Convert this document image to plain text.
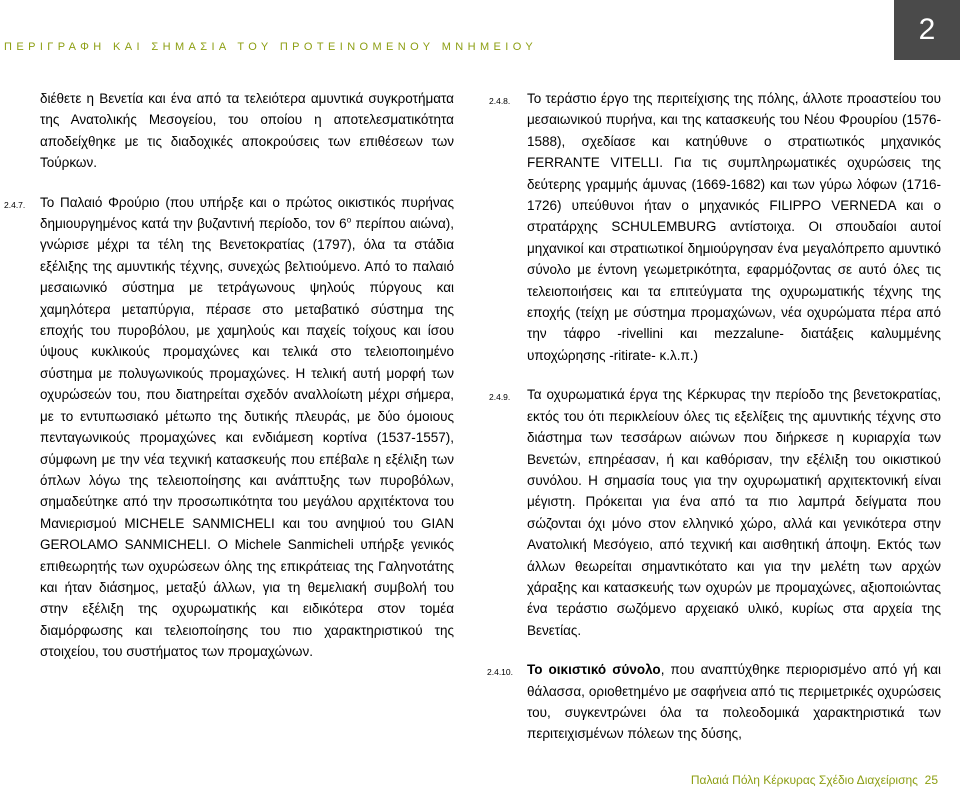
ΠΕΡΙΓΡΑΦΗ ΚΑΙ ΣΗΜΑΣΙΑ ΤΟΥ ΠΡΟΤΕΙΝΟΜΕΝΟΥ ΜΝΗΜΕΙΟΥ
2

διέθετε η Βενετία και ένα από τα τελειότερα αμυντικά συγκροτήματα της Ανατολικής Μεσογείου, του οποίου η αποτελεσματικότητα αποδείχθηκε με τις διαδοχικές αποκρούσεις των επιθέσεων των Τούρκων.

2.4.7. Το Παλαιό Φρούριο (που υπήρξε και ο πρώτος οικιστικός πυρήνας δημιουργημένος κατά την βυζαντινή περίοδο, τον $6^o$ περίπου αιώνα), γνώρισε μέχρι τα τέλη της Βενετοκρατίας (1797), όλα τα στάδια εξέλιξης της αμυντικής τέχνης, συνεχώς βελτιούμενο. Από το παλαιό μεσαιωνικό σύστημα με τετράγωνους ψηλούς πύργους και χαμηλότερα μεταπύργια, πέρασε στο μεταβατικό σύστημα της εποχής του πυροβόλου, με χαμηλούς και παχείς τοίχους και ίσου ύψους κυκλικούς προμαχώνες και τελικά στο τελειοποιημένο σύστημα με πολυγωνικούς προμαχώνες. Η τελική αυτή μορφή των οχυρώσεών του, που διατηρείται σχεδόν αναλλοίωτη μέχρι σήμερα, με το εντυπωσιακό μέτωπο της δυτικής πλευράς, με δύο όμοιους πενταγωνικούς προμαχώνες και ενδιάμεση κορτίνα (1537-1557), σύμφωνη με την νέα τεχνική κατασκευής που επέβαλε η εξέλιξη των όπλων λόγω της τελειοποίησης και ανάπτυξης των πυροβόλων, σημαδεύτηκε από την προσωπικότητα του μεγάλου αρχιτέκτονα του Μανιερισμού MICHELE SANMICHELI και του ανηψιού του GIAN GEROLAMO SANMICHELI. O Michele Sanmicheli υπήρξε γενικός επιθεωρητής των οχυρώσεων όλης της επικράτειας της Γαληνοτάτης και ήταν διάσημος, μεταξύ άλλων, για τη θεμελιακή συμβολή του στην εξέλιξη της οχυρωματικής και ειδικότερα στον τομέα διαμόρφωσης και τελειοποίησης του πιο χαρακτηριστικού της στοιχείου, του συστήματος των προμαχώνων.

2.4.8. Το τεράστιο έργο της περιτείχισης της πόλης, άλλοτε προαστείου του μεσαιωνικού πυρήνα, και της κατασκευής του Νέου Φρουρίου (1576-1588), σχεδίασε και κατηύθυνε ο στρατιωτικός μηχανικός FERRANTE VITELLI. Για τις συμπληρωματικές οχυρώσεις της δεύτερης γραμμής άμυνας (1669-1682) και των γύρω λόφων (1716-1726) υπεύθυνοι ήταν ο μηχανικός FILIPPO VERNEDA και ο στρατάρχης SCHULEMBURG αντίστοιχα. Οι σπουδαίοι αυτοί μηχανικοί και στρατιωτικοί δημιούργησαν ένα μεγαλόπρεπο αμυντικό σύνολο με έντονη γεωμετρικότητα, εφαρμόζοντας σε αυτό όλες τις τελειοποιήσεις και τα επιτεύγματα της οχυρωματικής τέχνης της εποχής (τείχη με σύστημα προμαχώνων, νέα οχυρώματα πέρα από την τάφρο -rivellini και mezzalune- διατάξεις καλυμμένης υποχώρησης -ritirate- κ.λ.π.)

2.4.9. Τα οχυρωματικά έργα της Κέρκυρας την περίοδο της βενετοκρατίας, εκτός του ότι περικλείουν όλες τις εξελίξεις της αμυντικής τέχνης στο διάστημα των τεσσάρων αιώνων που διήρκεσε η κυριαρχία των Βενετών, επηρέασαν, ή και καθόρισαν, την εξέλιξη του οικιστικού συνόλου. Η σημασία τους για την οχυρωματική αρχιτεκτονική είναι μέγιστη. Πρόκειται για ένα από τα πιο λαμπρά δείγματα που σώζονται όχι μόνο στον ελληνικό χώρο, αλλά και γενικότερα στην Ανατολική Μεσόγειο, από τεχνική και αισθητική άποψη. Εκτός των άλλων θεωρείται σημαντικότατο και για την μελέτη των αρχών χάραξης και κατασκευής των οχυρών με προμαχώνες, αξιοποιώντας ένα τεράστιο σωζόμενο αρχειακό υλικό, κυρίως στα αρχεία της Βενετίας.

2.4.10. Το οικιστικό σύνολο, που αναπτύχθηκε περιορισμένο από γή και θάλασσα, οριοθετημένο με σαφήνεια από τις περιμετρικές οχυρώσεις του, συγκεντρώνει όλα τα πολεοδομικά χαρακτηριστικά των περιτειχισμένων πόλεων της δύσης,

Παλαιά Πόλη Κέρκυρας Σχέδιο Διαχείρισης 25
